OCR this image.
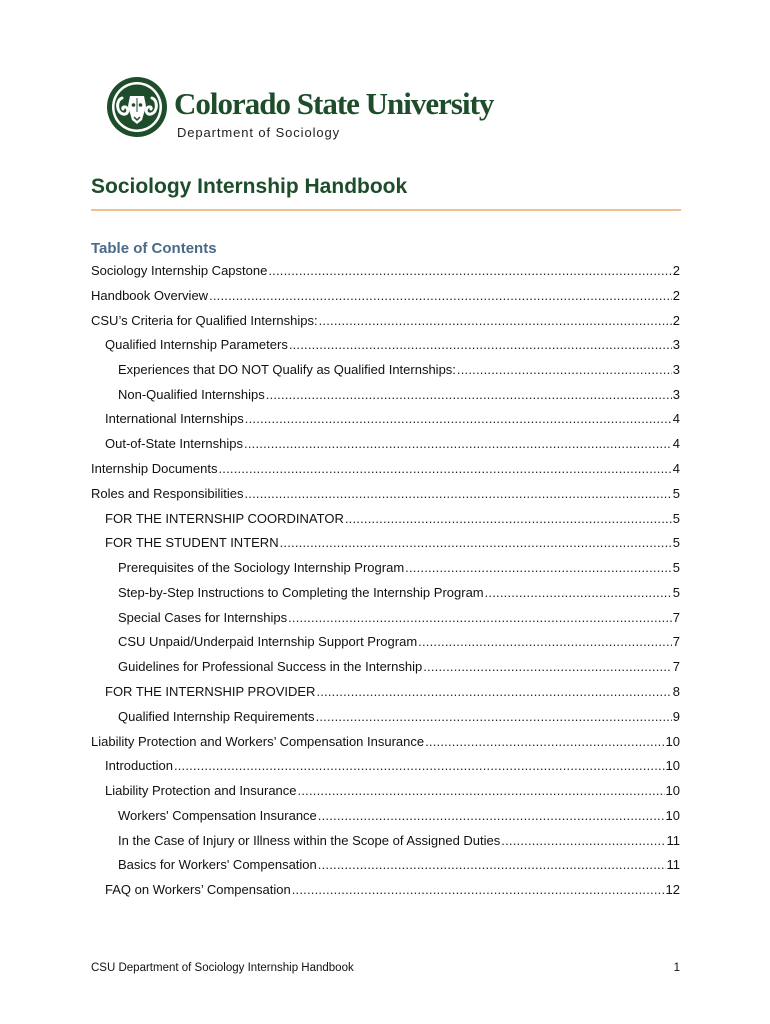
Colorado State University
Department of Sociology
Sociology Internship Handbook
Table of Contents
Sociology Internship Capstone .....	2
Handbook Overview .....	2
CSU’s Criteria for Qualified Internships: .....	2
Qualified Internship Parameters .....	3
Experiences that DO NOT Qualify as Qualified Internships: .....	3
Non-Qualified Internships .....	3
International Internships .....	4
Out-of-State Internships .....	4
Internship Documents .....	4
Roles and Responsibilities .....	5
FOR THE INTERNSHIP COORDINATOR .....	5
FOR THE STUDENT INTERN .....	5
Prerequisites of the Sociology Internship Program .....	5
Step-by-Step Instructions to Completing the Internship Program .....	5
Special Cases for Internships .....	7
CSU Unpaid/Underpaid Internship Support Program .....	7
Guidelines for Professional Success in the Internship .....	7
FOR THE INTERNSHIP PROVIDER .....	8
Qualified Internship Requirements .....	9
Liability Protection and Workers’ Compensation Insurance .....	10
Introduction .....	10
Liability Protection and Insurance .....	10
Workers' Compensation Insurance .....	10
In the Case of Injury or Illness within the Scope of Assigned Duties .....	11
Basics for Workers' Compensation .....	11
FAQ on Workers’ Compensation .....	12
CSU Department of Sociology Internship Handbook	1
